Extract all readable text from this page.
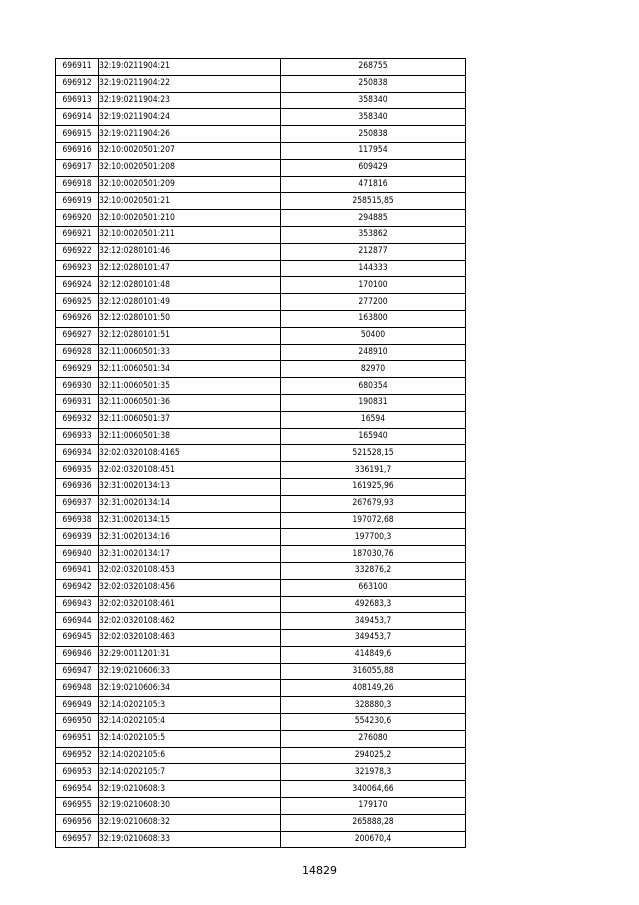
696911	32:19:0211904:21	268755
696912	32:19:0211904:22	250838
696913	32:19:0211904:23	358340
696914	32:19:0211904:24	358340
696915	32:19:0211904:26	250838
696916	32:10:0020501:207	117954
696917	32:10:0020501:208	609429
696918	32:10:0020501:209	471816
696919	32:10:0020501:21	258515,85
696920	32:10:0020501:210	294885
696921	32:10:0020501:211	353862
696922	32:12:0280101:46	212877
696923	32:12:0280101:47	144333
696924	32:12:0280101:48	170100
696925	32:12:0280101:49	277200
696926	32:12:0280101:50	163800
696927	32:12:0280101:51	50400
696928	32:11:0060501:33	248910
696929	32:11:0060501:34	82970
696930	32:11:0060501:35	680354
696931	32:11:0060501:36	190831
696932	32:11:0060501:37	16594
696933	32:11:0060501:38	165940
696934	32:02:0320108:4165	521528,15
696935	32:02:0320108:451	336191,7
696936	32:31:0020134:13	161925,96
696937	32:31:0020134:14	267679,93
696938	32:31:0020134:15	197072,68
696939	32:31:0020134:16	197700,3
696940	32:31:0020134:17	187030,76
696941	32:02:0320108:453	332876,2
696942	32:02:0320108:456	663100
696943	32:02:0320108:461	492683,3
696944	32:02:0320108:462	349453,7
696945	32:02:0320108:463	349453,7
696946	32:29:0011201:31	414849,6
696947	32:19:0210606:33	316055,88
696948	32:19:0210606:34	408149,26
696949	32:14:0202105:3	328880,3
696950	32:14:0202105:4	554230,6
696951	32:14:0202105:5	276080
696952	32:14:0202105:6	294025,2
696953	32:14:0202105:7	321978,3
696954	32:19:0210608:3	340064,66
696955	32:19:0210608:30	179170
696956	32:19:0210608:32	265888,28
696957	32:19:0210608:33	200670,4
14829
